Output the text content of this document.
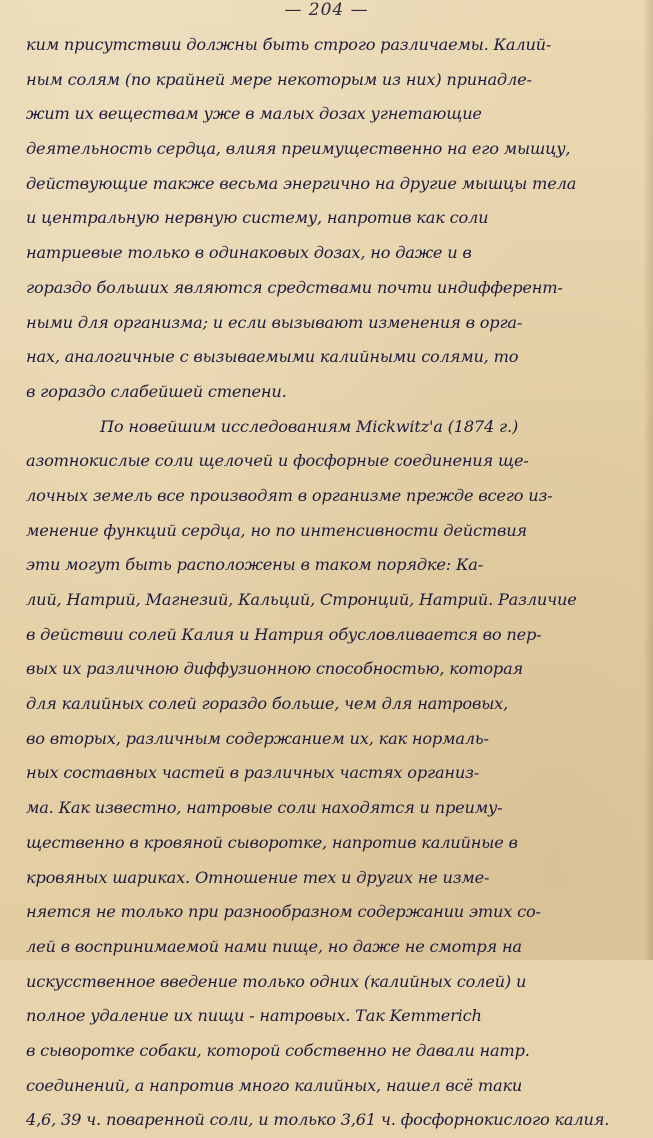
— 204 —
ким присутствии должны быть строго различаемы. Калий-
ным солям (по крайней мере некоторым из них) принадле-
жит их веществам уже в малых дозах угнетающие
деятельность сердца, влияя преимущественно на его мышцу,
действующие также весьма энергично на другие мышцы тела
и центральную нервную систему, напротив как соли
натриевые только в одинаковых дозах, но даже и в
гораздо больших являются средствами почти индифферент-
ными для организма; и если вызывают изменения в орга-
нах, аналогичные с вызываемыми калийными солями, то
в гораздо слабейшей степени.
По новейшим исследованиям Mickwitz'a (1874 г.)
азотнокислые соли щелочей и фосфорные соединения ще-
лочных земель все производят в организме прежде всего из-
менение функций сердца, но по интенсивности действия
эти могут быть расположены в таком порядке: Ка-
лий, Натрий, Магнезий, Кальций, Стронций, Натрий. Различие
в действии солей Калия и Натрия обусловливается во пер-
вых их различною диффузионною способностью, которая
для калийных солей гораздо больше, чем для натровых,
во вторых, различным содержанием их, как нормаль-
ных составных частей в различных частях организ-
ма. Как известно, натровые соли находятся и преиму-
щественно в кровяной сыворотке, напротив калийные в
кровяных шариках. Отношение тех и других не изме-
няется не только при разнообразном содержании этих со-
лей в воспринимаемой нами пище, но даже не смотря на
искусственное введение только одних (калийных солей) и
полное удаление их пищи - натровых. Так Kemmerich
в сыворотке собаки, которой собственно не давали натр.
соединений, а напротив много калийных, нашел всё таки
4,6, 39 ч. поваренной соли, и только 3,61 ч. фосфорнокислого калия.
